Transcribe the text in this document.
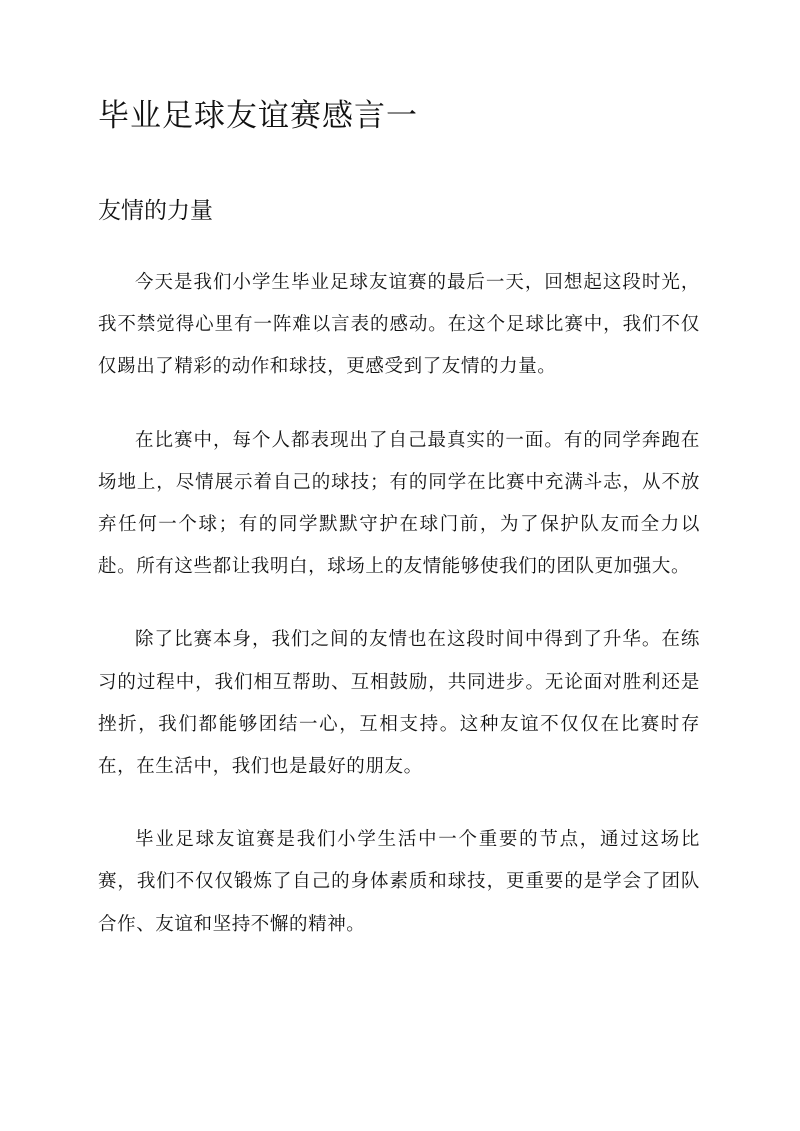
毕业足球友谊赛感言一
友情的力量

今天是我们小学生毕业足球友谊赛的最后一天，回想起这段时光，我不禁觉得心里有一阵难以言表的感动。在这个足球比赛中，我们不仅仅踢出了精彩的动作和球技，更感受到了友情的力量。

在比赛中，每个人都表现出了自己最真实的一面。有的同学奔跑在场地上，尽情展示着自己的球技；有的同学在比赛中充满斗志，从不放弃任何一个球；有的同学默默守护在球门前，为了保护队友而全力以赴。所有这些都让我明白，球场上的友情能够使我们的团队更加强大。

除了比赛本身，我们之间的友情也在这段时间中得到了升华。在练习的过程中，我们相互帮助、互相鼓励，共同进步。无论面对胜利还是挫折，我们都能够团结一心，互相支持。这种友谊不仅仅在比赛时存在，在生活中，我们也是最好的朋友。

毕业足球友谊赛是我们小学生活中一个重要的节点，通过这场比赛，我们不仅仅锻炼了自己的身体素质和球技，更重要的是学会了团队合作、友谊和坚持不懈的精神。
